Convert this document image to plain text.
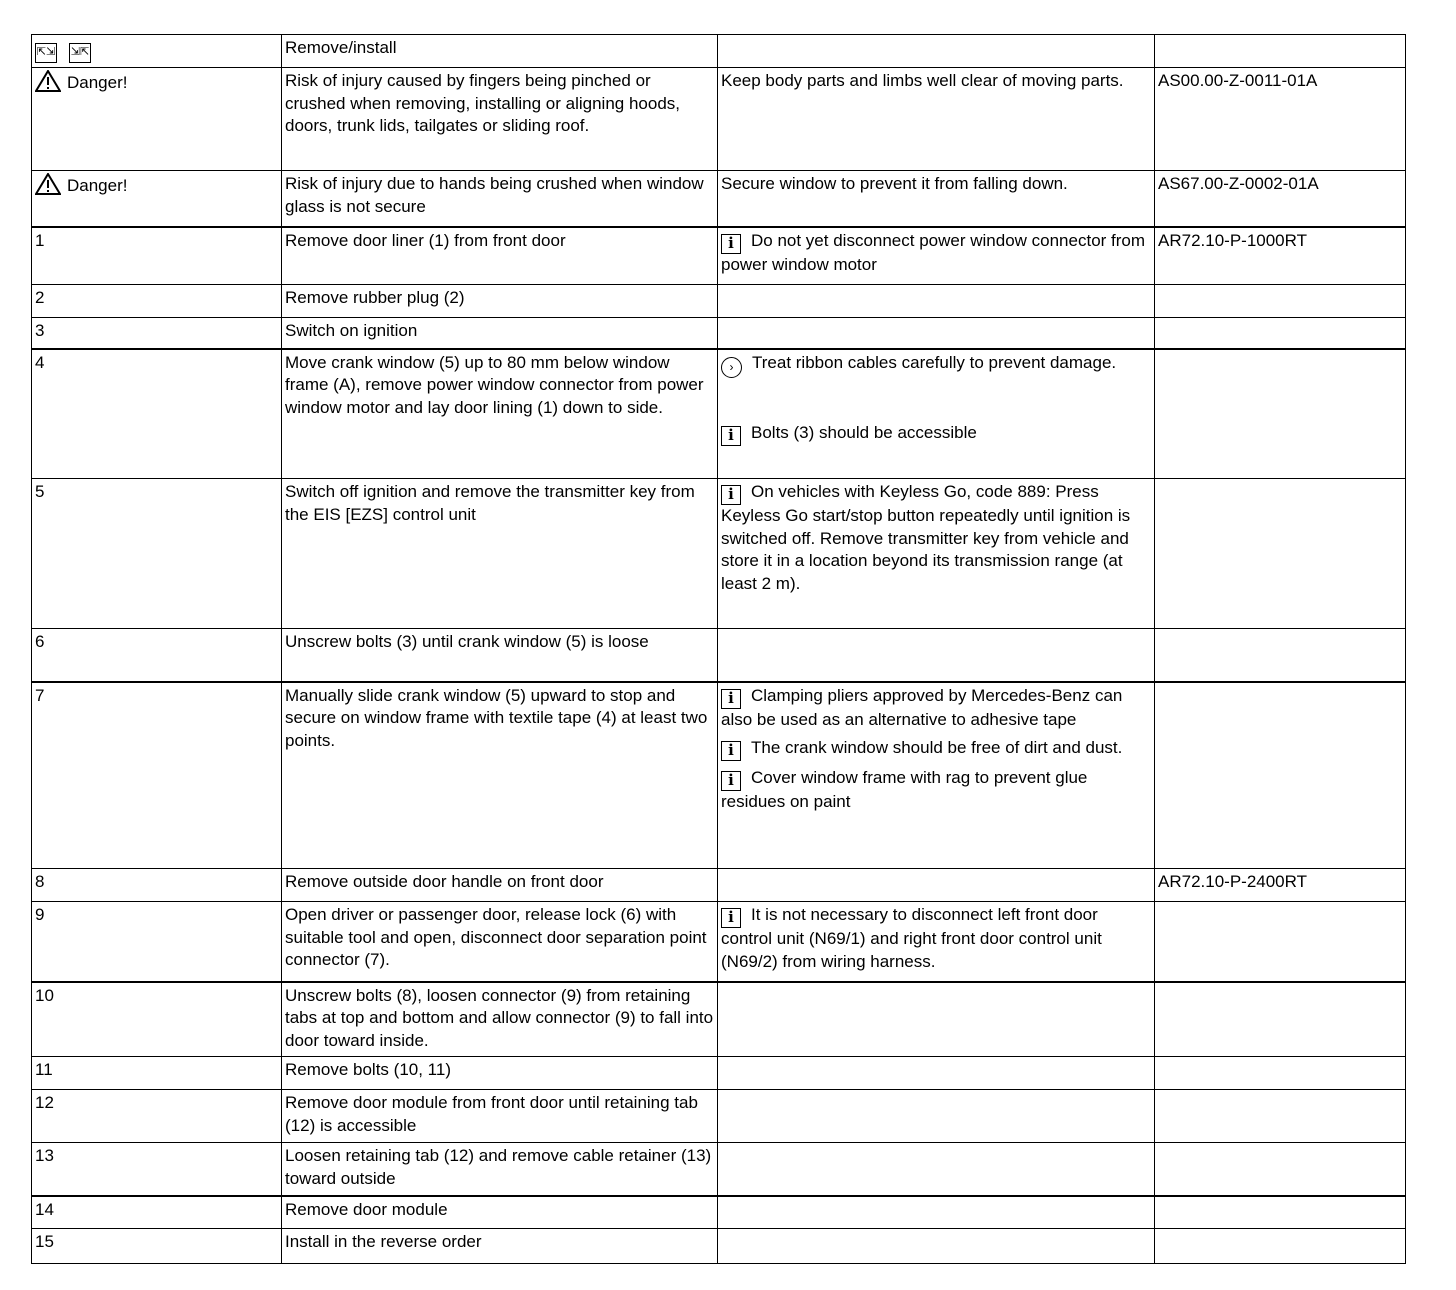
⇱⇲ ⇲⇱	Remove/install		
Danger!	Risk of injury caused by fingers being pinched or crushed when removing, installing or aligning hoods, doors, trunk lids, tailgates or sliding roof.	Keep body parts and limbs well clear of moving parts.	AS00.00-Z-0011-01A
Danger!	Risk of injury due to hands being crushed when window glass is not secure	Secure window to prevent it from falling down.	AS67.00-Z-0002-01A
1	Remove door liner (1) from front door	i Do not yet disconnect power window connector from power window motor	AR72.10-P-1000RT
2	Remove rubber plug (2)		
3	Switch on ignition		
4	Move crank window (5) up to 80 mm below window frame (A), remove power window connector from power window motor and lay door lining (1) down to side.	› Treat ribbon cables carefully to prevent damage.
i Bolts (3) should be accessible	

5	Switch off ignition and remove the transmitter key from the EIS [EZS] control unit	i On vehicles with Keyless Go, code 889: Press Keyless Go start/stop button repeatedly until ignition is switched off. Remove transmitter key from vehicle and store it in a location beyond its transmission range (at least 2 m).	
6	Unscrew bolts (3) until crank window (5) is loose		
7	Manually slide crank window (5) upward to stop and secure on window frame with textile tape (4) at least two points.	i Clamping pliers approved by Mercedes-Benz can also be used as an alternative to adhesive tape
i The crank window should be free of dirt and dust.
i Cover window frame with rag to prevent glue residues on paint	

8	Remove outside door handle on front door		AR72.10-P-2400RT
9	Open driver or passenger door, release lock (6) with suitable tool and open, disconnect door separation point connector (7).	i It is not necessary to disconnect left front door control unit (N69/1) and right front door control unit (N69/2) from wiring harness.	
10	Unscrew bolts (8), loosen connector (9) from retaining tabs at top and bottom and allow connector (9) to fall into door toward inside.		
11	Remove bolts (10, 11)		
12	Remove door module from front door until retaining tab (12) is accessible		
13	Loosen retaining tab (12) and remove cable retainer (13) toward outside		
14	Remove door module		
15	Install in the reverse order		
